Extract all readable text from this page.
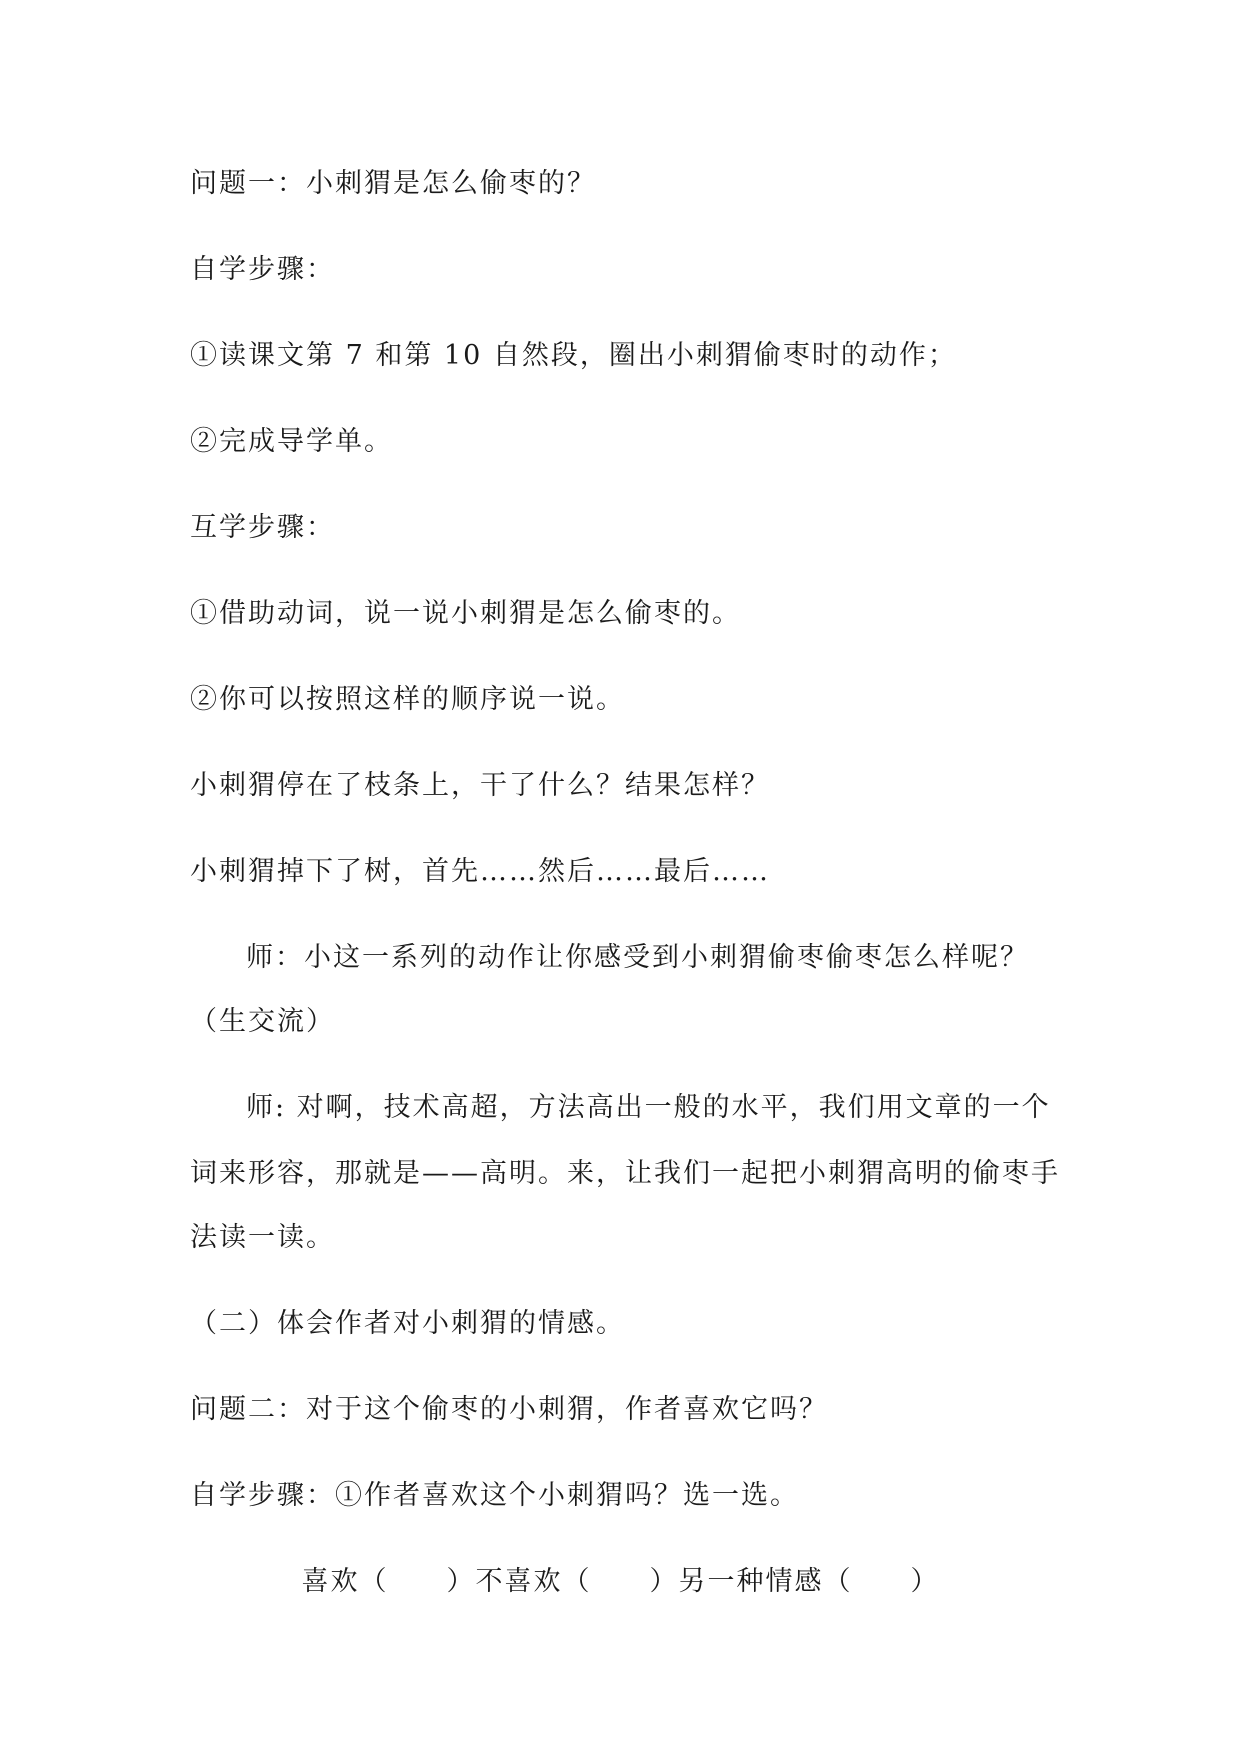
问题一：小刺猬是怎么偷枣的？

自学步骤：

①读课文第 7 和第 10 自然段，圈出小刺猬偷枣时的动作；

②完成导学单。

互学步骤：

①借助动词，说一说小刺猬是怎么偷枣的。

②你可以按照这样的顺序说一说。

小刺猬停在了枝条上，干了什么？结果怎样？

小刺猬掉下了树，首先……然后……最后……

师：小这一系列的动作让你感受到小刺猬偷枣偷枣怎么样呢？

（生交流）

师: 对啊，技术高超，方法高出一般的水平，我们用文章的一个

词来形容，那就是——高明。来，让我们一起把小刺猬高明的偷枣手

法读一读。

（二）体会作者对小刺猬的情感。

问题二：对于这个偷枣的小刺猬，作者喜欢它吗？

自学步骤：①作者喜欢这个小刺猬吗？选一选。

喜欢（　　）不喜欢（　　）另一种情感（　　）
